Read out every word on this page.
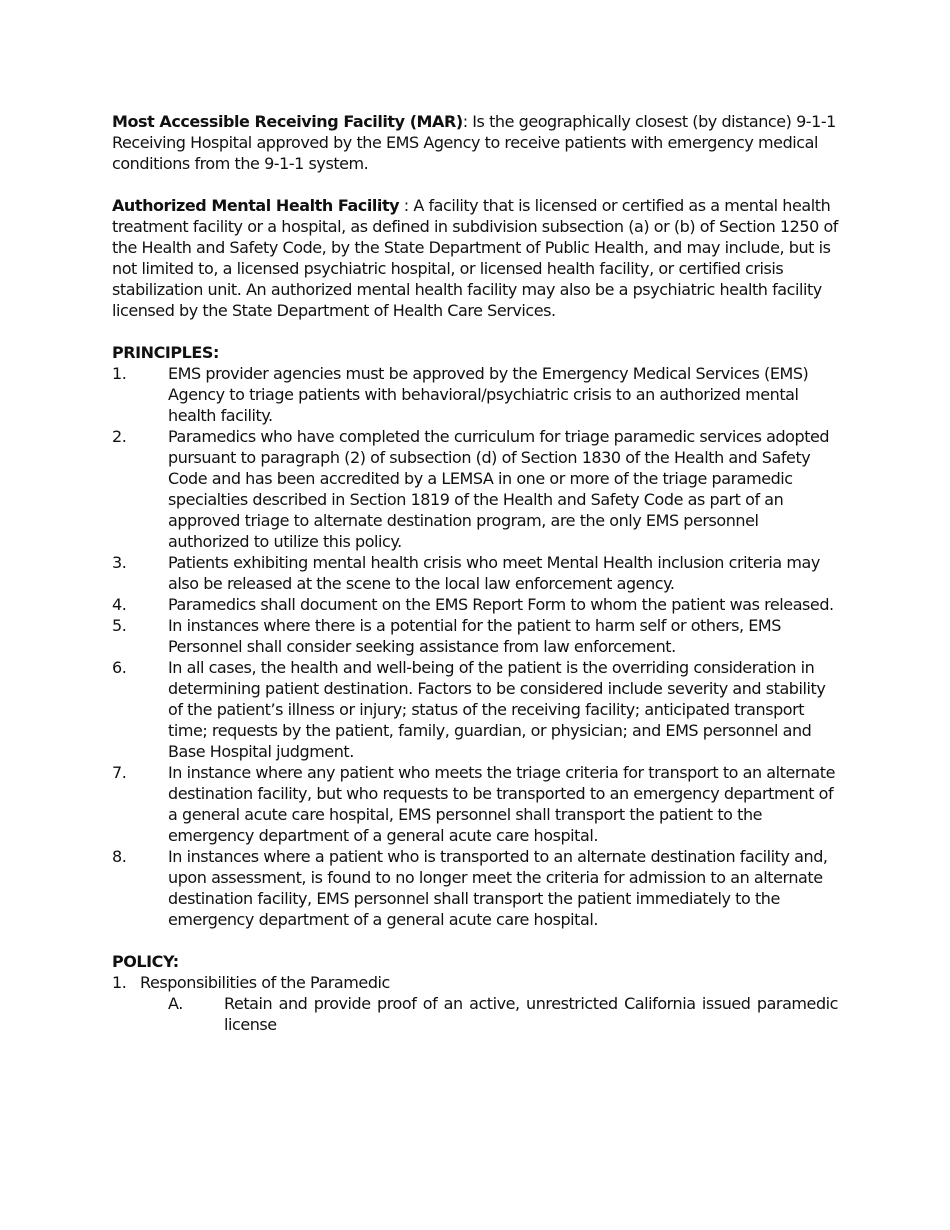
Most Accessible Receiving Facility (MAR): Is the geographically closest (by distance) 9-1-1 Receiving Hospital approved by the EMS Agency to receive patients with emergency medical conditions from the 9-1-1 system.

Authorized Mental Health Facility : A facility that is licensed or certified as a mental health treatment facility or a hospital, as defined in subdivision subsection (a) or (b) of Section 1250 of the Health and Safety Code, by the State Department of Public Health, and may include, but is not limited to, a licensed psychiatric hospital, or licensed health facility, or certified crisis stabilization unit. An authorized mental health facility may also be a psychiatric health facility licensed by the State Department of Health Care Services.

PRINCIPLES:

1.	EMS provider agencies must be approved by the Emergency Medical Services (EMS) Agency to triage patients with behavioral/psychiatric crisis to an authorized mental health facility.
2.	Paramedics who have completed the curriculum for triage paramedic services adopted pursuant to paragraph (2) of subsection (d) of Section 1830 of the Health and Safety Code and has been accredited by a LEMSA in one or more of the triage paramedic specialties described in Section 1819 of the Health and Safety Code as part of an approved triage to alternate destination program, are the only EMS personnel authorized to utilize this policy.
3.	Patients exhibiting mental health crisis who meet Mental Health inclusion criteria may also be released at the scene to the local law enforcement agency.
4.	Paramedics shall document on the EMS Report Form to whom the patient was released.
5.	In instances where there is a potential for the patient to harm self or others, EMS Personnel shall consider seeking assistance from law enforcement.
6.	In all cases, the health and well-being of the patient is the overriding consideration in determining patient destination. Factors to be considered include severity and stability of the patient’s illness or injury; status of the receiving facility; anticipated transport time; requests by the patient, family, guardian, or physician; and EMS personnel and Base Hospital judgment.
7.	In instance where any patient who meets the triage criteria for transport to an alternate destination facility, but who requests to be transported to an emergency department of a general acute care hospital, EMS personnel shall transport the patient to the emergency department of a general acute care hospital.
8.	In instances where a patient who is transported to an alternate destination facility and, upon assessment, is found to no longer meet the criteria for admission to an alternate destination facility, EMS personnel shall transport the patient immediately to the emergency department of a general acute care hospital.

POLICY:

1. Responsibilities of the Paramedic
A.	Retain and provide proof of an active, unrestricted California issued paramedic license
